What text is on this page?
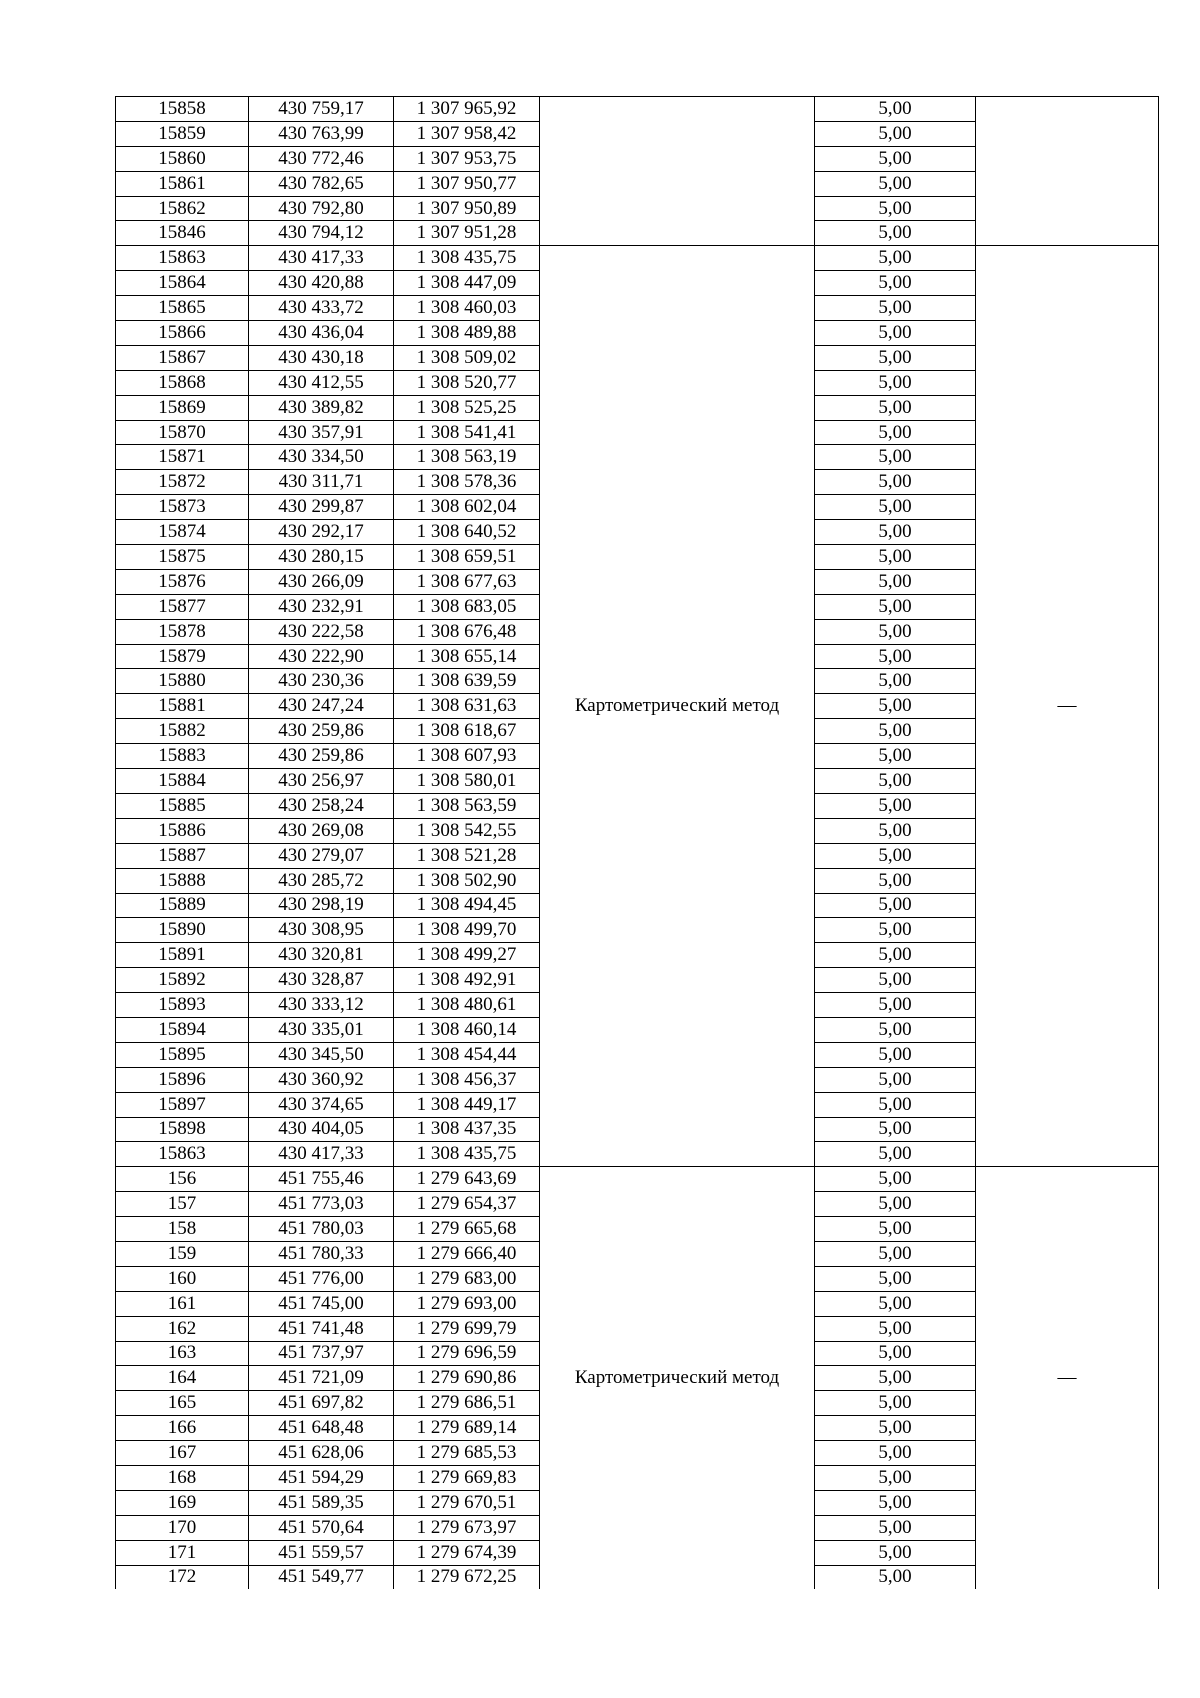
15858	430 759,17	1 307 965,92		5,00	
15859	430 763,99	1 307 958,42		5,00	
15860	430 772,46	1 307 953,75		5,00	
15861	430 782,65	1 307 950,77		5,00	
15862	430 792,80	1 307 950,89		5,00	
15846	430 794,12	1 307 951,28		5,00	
15863	430 417,33	1 308 435,75	Картометрический метод	5,00	—
15864	430 420,88	1 308 447,09		5,00	
15865	430 433,72	1 308 460,03		5,00	
15866	430 436,04	1 308 489,88		5,00	
15867	430 430,18	1 308 509,02		5,00	
15868	430 412,55	1 308 520,77		5,00	
15869	430 389,82	1 308 525,25		5,00	
15870	430 357,91	1 308 541,41		5,00	
15871	430 334,50	1 308 563,19		5,00	
15872	430 311,71	1 308 578,36		5,00	
15873	430 299,87	1 308 602,04		5,00	
15874	430 292,17	1 308 640,52		5,00	
15875	430 280,15	1 308 659,51		5,00	
15876	430 266,09	1 308 677,63		5,00	
15877	430 232,91	1 308 683,05		5,00	
15878	430 222,58	1 308 676,48		5,00	
15879	430 222,90	1 308 655,14		5,00	
15880	430 230,36	1 308 639,59		5,00	
15881	430 247,24	1 308 631,63		5,00	
15882	430 259,86	1 308 618,67		5,00	
15883	430 259,86	1 308 607,93		5,00	
15884	430 256,97	1 308 580,01		5,00	
15885	430 258,24	1 308 563,59		5,00	
15886	430 269,08	1 308 542,55		5,00	
15887	430 279,07	1 308 521,28		5,00	
15888	430 285,72	1 308 502,90		5,00	
15889	430 298,19	1 308 494,45		5,00	
15890	430 308,95	1 308 499,70		5,00	
15891	430 320,81	1 308 499,27		5,00	
15892	430 328,87	1 308 492,91		5,00	
15893	430 333,12	1 308 480,61		5,00	
15894	430 335,01	1 308 460,14		5,00	
15895	430 345,50	1 308 454,44		5,00	
15896	430 360,92	1 308 456,37		5,00	
15897	430 374,65	1 308 449,17		5,00	
15898	430 404,05	1 308 437,35		5,00	
15863	430 417,33	1 308 435,75		5,00	
156	451 755,46	1 279 643,69	Картометрический метод	5,00	—
157	451 773,03	1 279 654,37		5,00	
158	451 780,03	1 279 665,68		5,00	
159	451 780,33	1 279 666,40		5,00	
160	451 776,00	1 279 683,00		5,00	
161	451 745,00	1 279 693,00		5,00	
162	451 741,48	1 279 699,79		5,00	
163	451 737,97	1 279 696,59		5,00	
164	451 721,09	1 279 690,86		5,00	
165	451 697,82	1 279 686,51		5,00	
166	451 648,48	1 279 689,14		5,00	
167	451 628,06	1 279 685,53		5,00	
168	451 594,29	1 279 669,83		5,00	
169	451 589,35	1 279 670,51		5,00	
170	451 570,64	1 279 673,97		5,00	
171	451 559,57	1 279 674,39		5,00	
172	451 549,77	1 279 672,25		5,00	
